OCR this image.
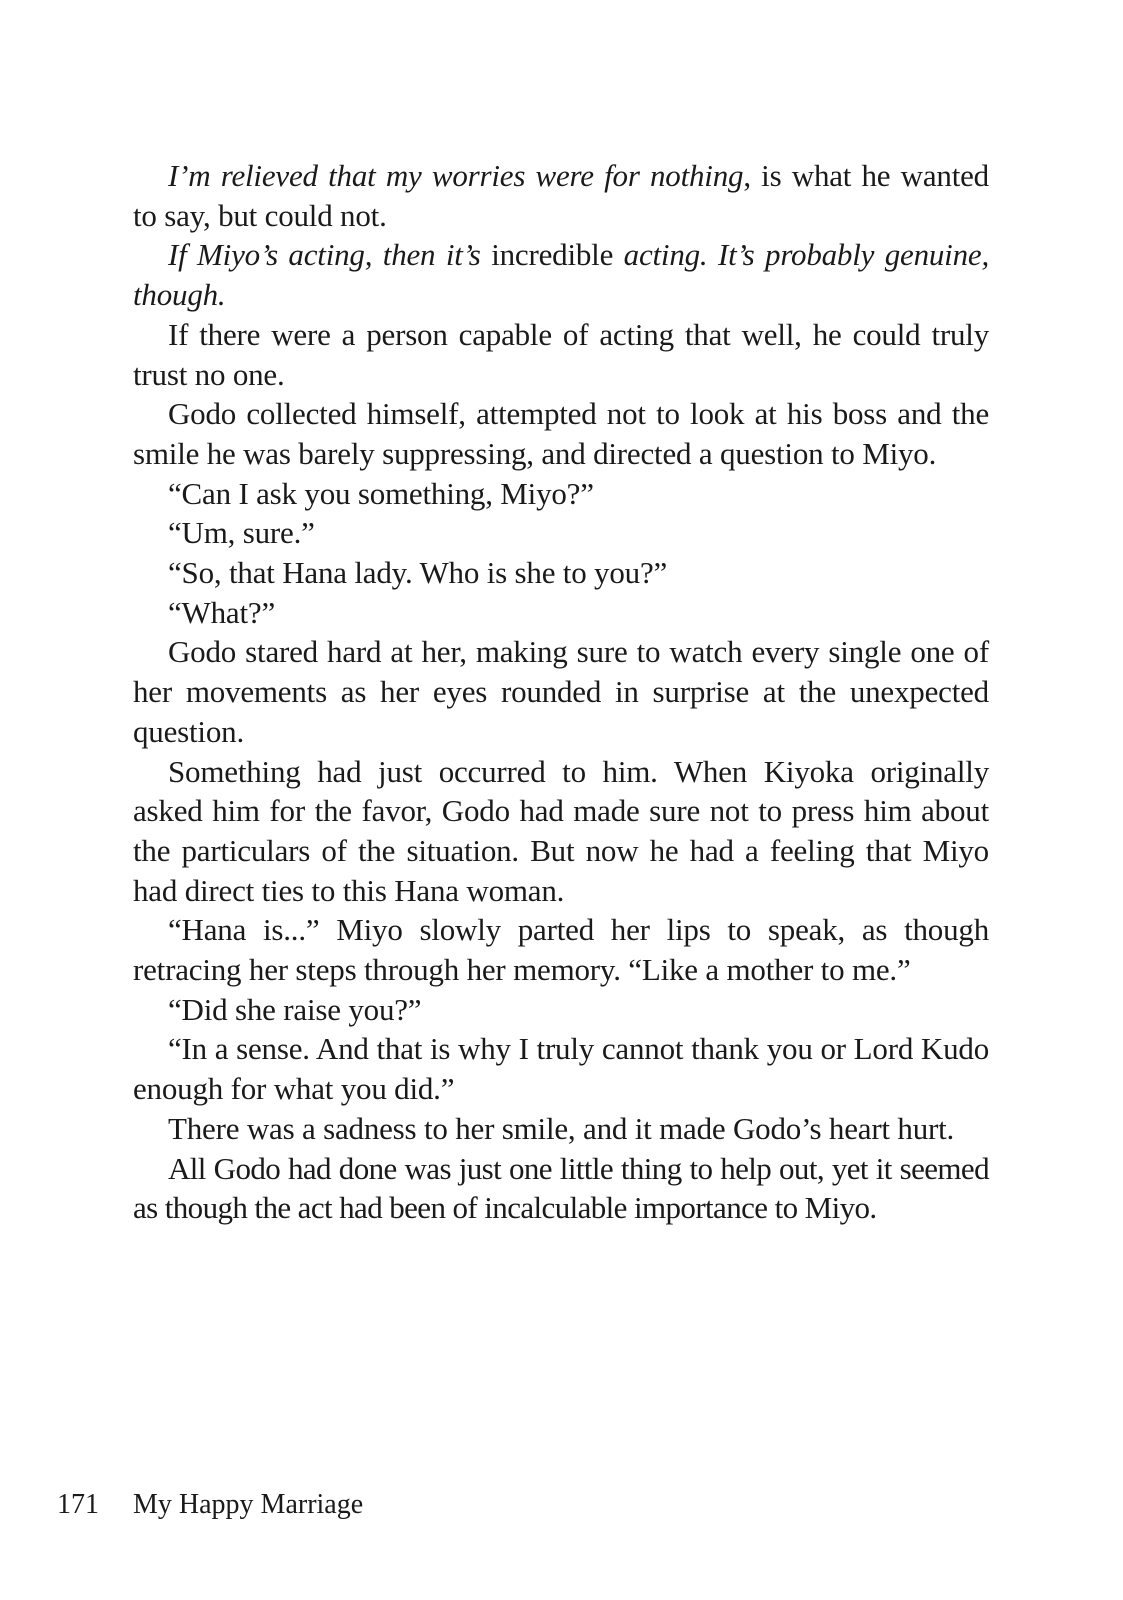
I’m relieved that my worries were for nothing, is what he wanted to say, but could not.

If Miyo’s acting, then it’s incredible acting. It’s probably genuine, though.

If there were a person capable of acting that well, he could truly trust no one.

Godo collected himself, attempted not to look at his boss and the smile he was barely suppressing, and directed a question to Miyo.

“Can I ask you something, Miyo?”

“Um, sure.”

“So, that Hana lady. Who is she to you?”

“What?”

Godo stared hard at her, making sure to watch every single one of her movements as her eyes rounded in surprise at the unexpected question.

Something had just occurred to him. When Kiyoka originally asked him for the favor, Godo had made sure not to press him about the particulars of the situation. But now he had a feeling that Miyo had direct ties to this Hana woman.

“Hana is...” Miyo slowly parted her lips to speak, as though retracing her steps through her memory. “Like a mother to me.”

“Did she raise you?”

“In a sense. And that is why I truly cannot thank you or Lord Kudo enough for what you did.”

There was a sadness to her smile, and it made Godo’s heart hurt.

All Godo had done was just one little thing to help out, yet it seemed as though the act had been of incalculable importance to Miyo.

171 My Happy Marriage
